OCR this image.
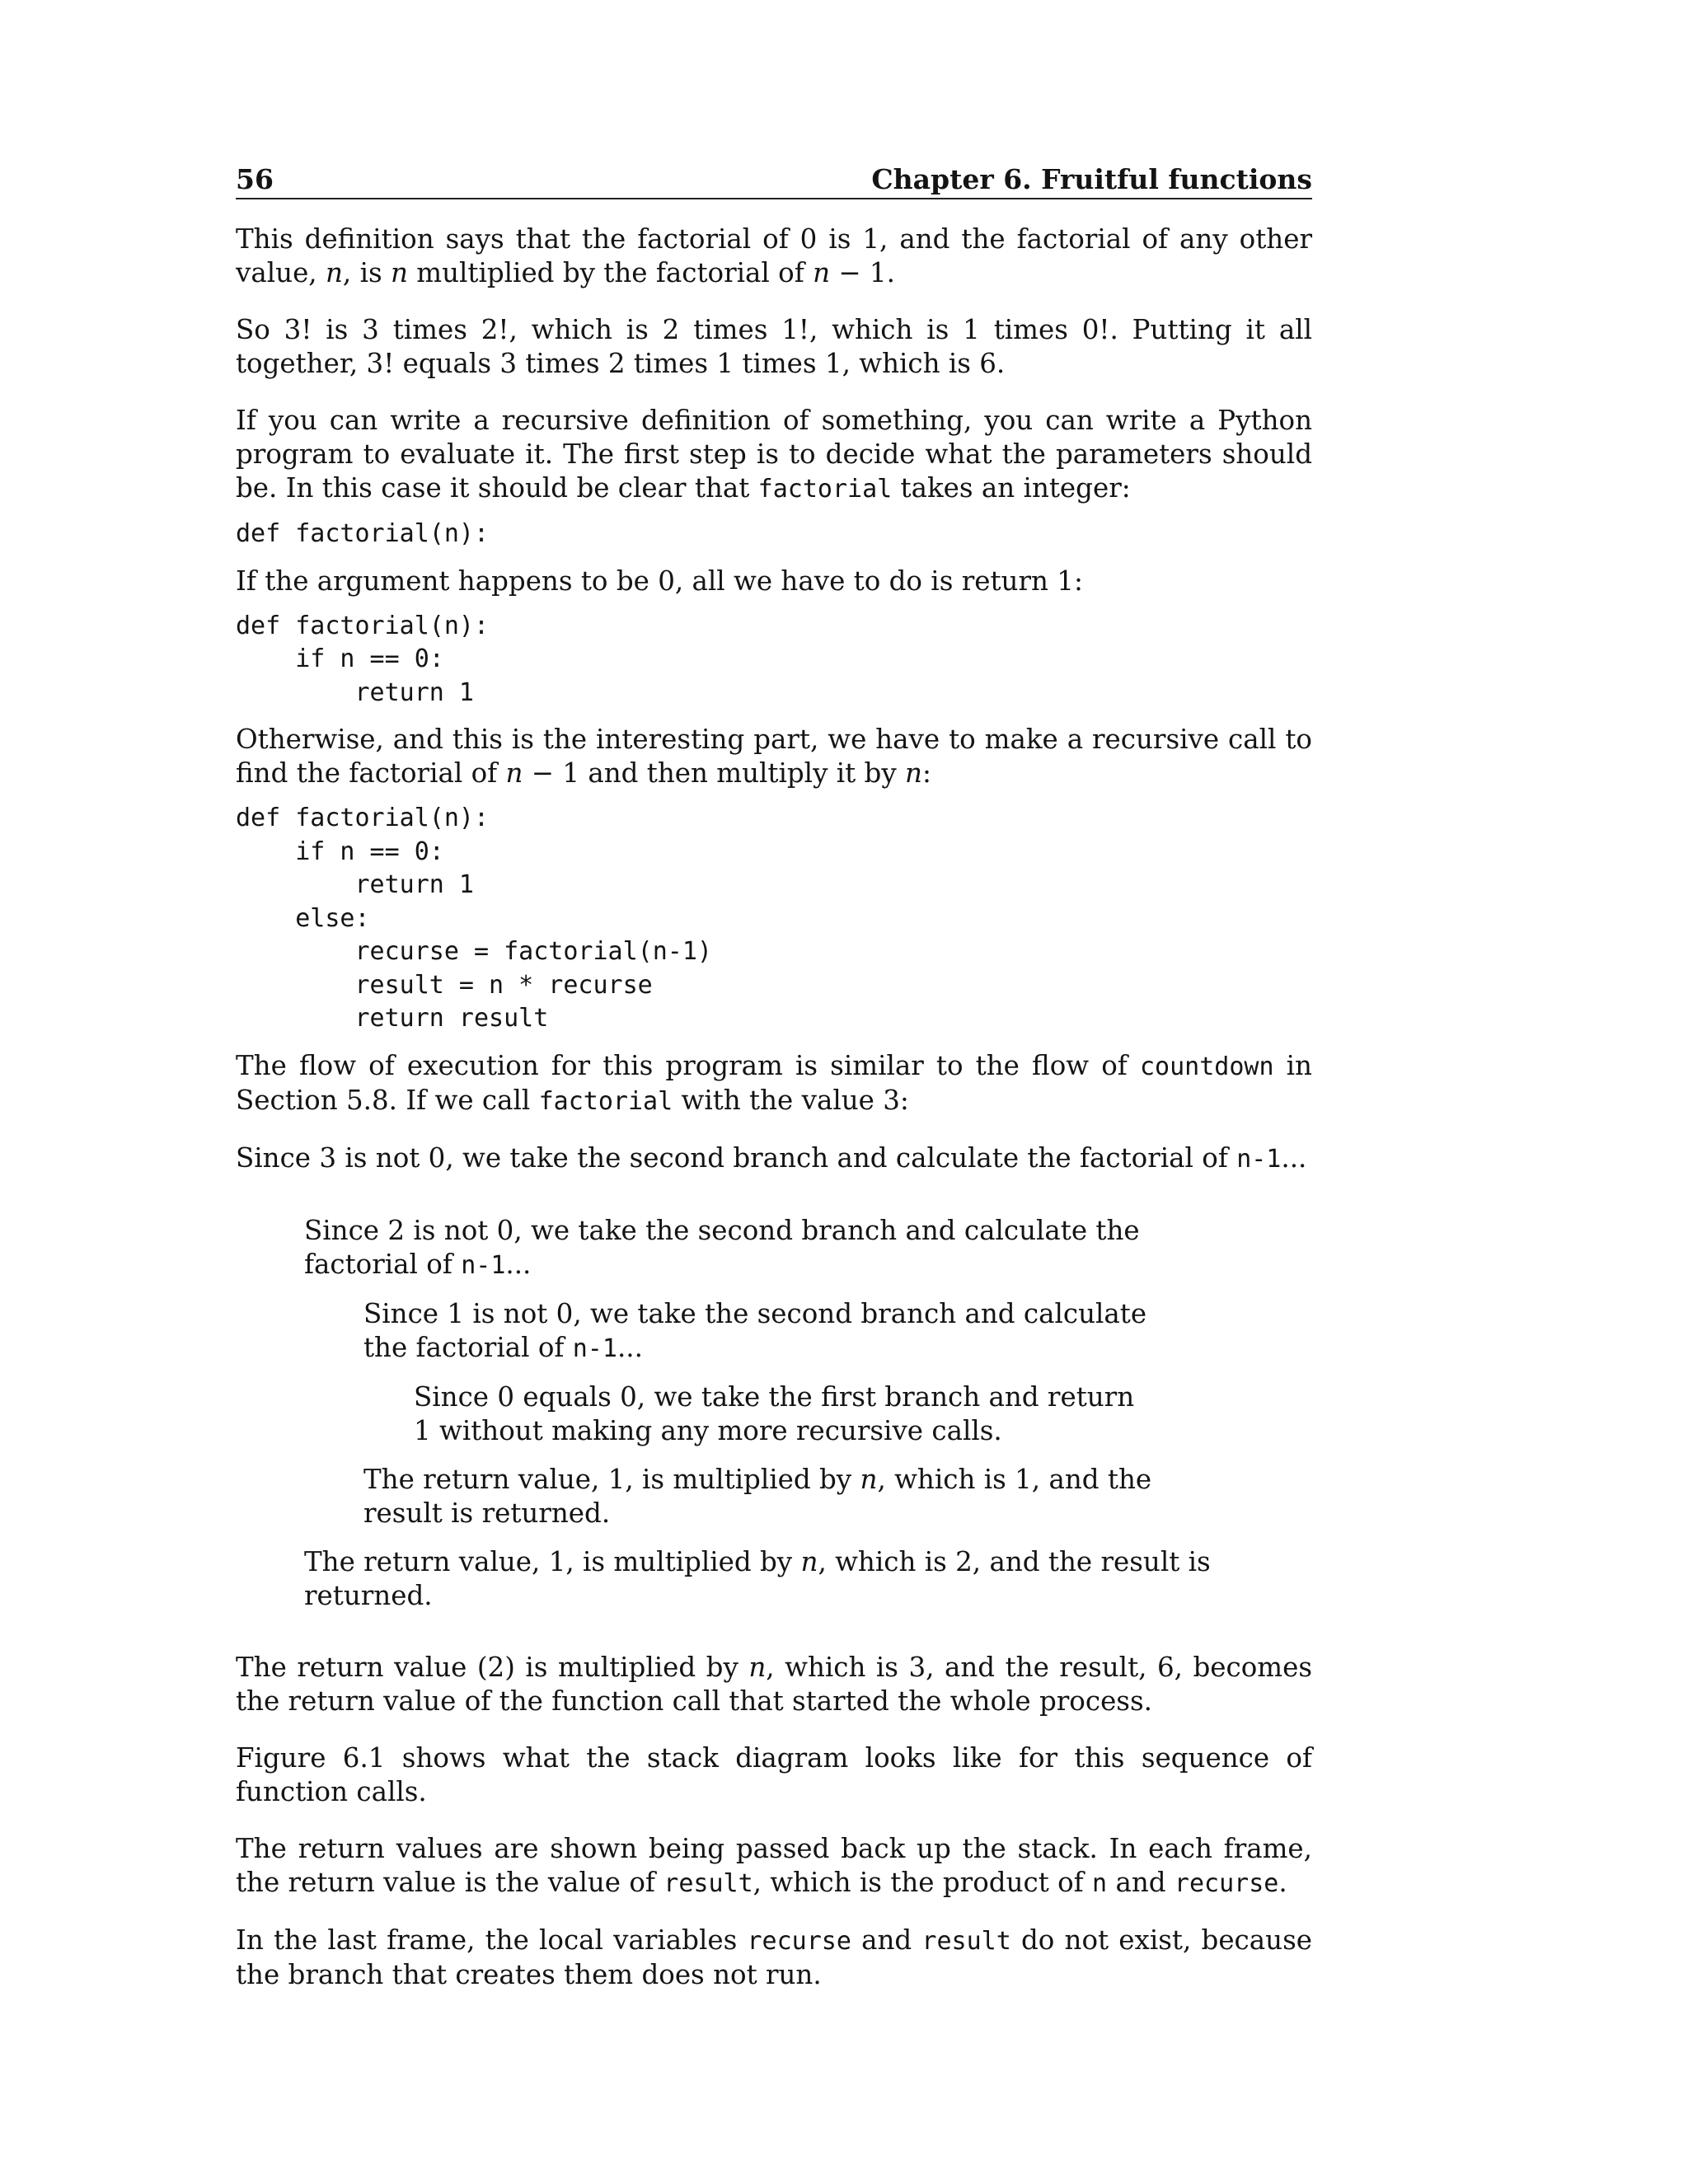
56	Chapter 6. Fruitful functions

This definition says that the factorial of 0 is 1, and the factorial of any other value, n, is n multiplied by the factorial of n − 1.

So 3! is 3 times 2!, which is 2 times 1!, which is 1 times 0!. Putting it all together, 3! equals 3 times 2 times 1 times 1, which is 6.

If you can write a recursive definition of something, you can write a Python program to evaluate it. The first step is to decide what the parameters should be. In this case it should be clear that factorial takes an integer:

def factorial(n):

If the argument happens to be 0, all we have to do is return 1:

def factorial(n):
if n == 0:
return 1

Otherwise, and this is the interesting part, we have to make a recursive call to find the factorial of n − 1 and then multiply it by n:

def factorial(n):
if n == 0:
return 1
else:
recurse = factorial(n-1)
result = n * recurse
return result

The flow of execution for this program is similar to the flow of countdown in Section 5.8. If we call factorial with the value 3:

Since 3 is not 0, we take the second branch and calculate the factorial of n-1...

Since 2 is not 0, we take the second branch and calculate the factorial of n-1...

Since 1 is not 0, we take the second branch and calculate the factorial of n-1...

Since 0 equals 0, we take the first branch and return 1 without making any more recursive calls.

The return value, 1, is multiplied by n, which is 1, and the result is returned.

The return value, 1, is multiplied by n, which is 2, and the result is returned.

The return value (2) is multiplied by n, which is 3, and the result, 6, becomes the return value of the function call that started the whole process.

Figure 6.1 shows what the stack diagram looks like for this sequence of function calls.

The return values are shown being passed back up the stack. In each frame, the return value is the value of result, which is the product of n and recurse.

In the last frame, the local variables recurse and result do not exist, because the branch that creates them does not run.
